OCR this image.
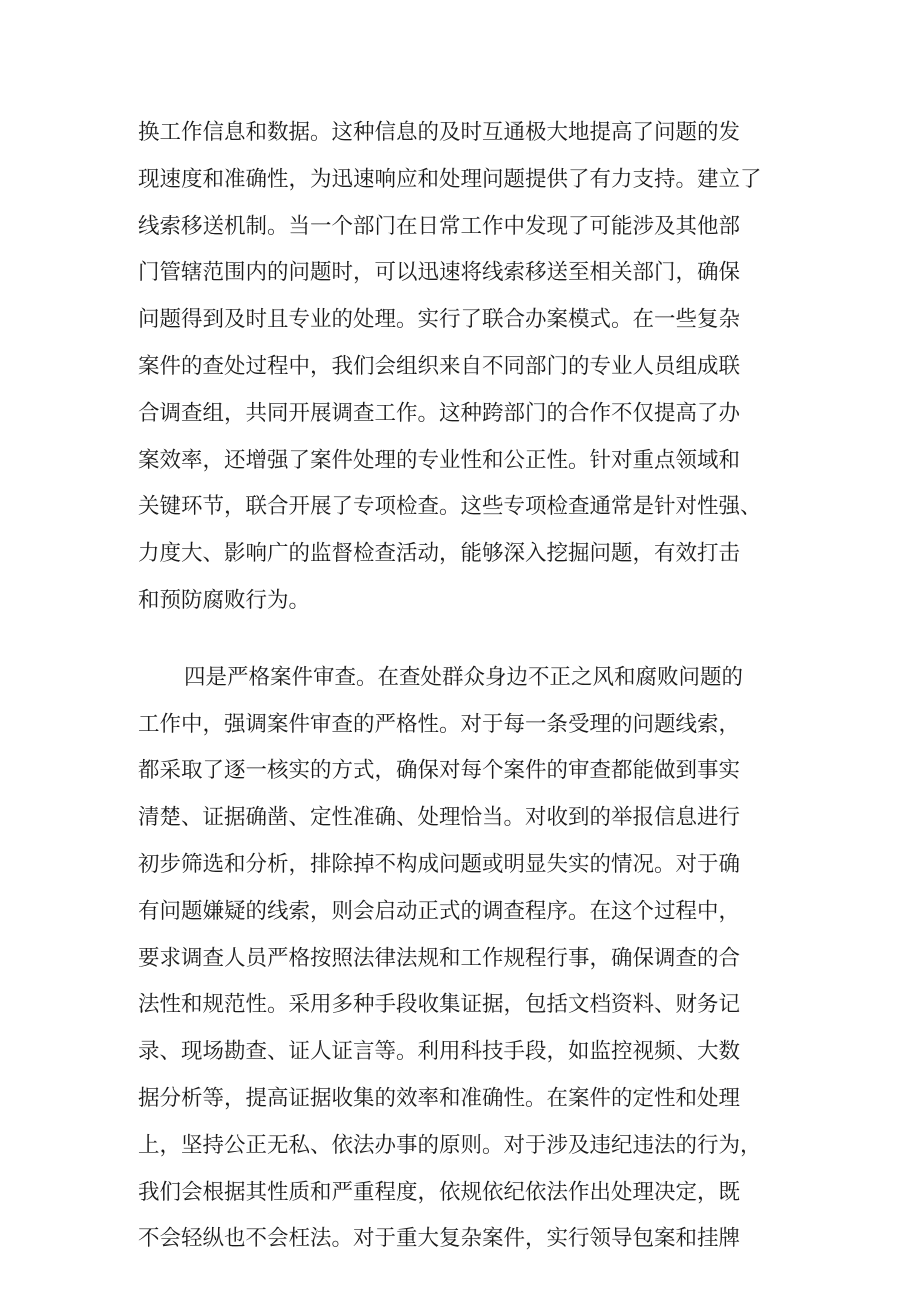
换工作信息和数据。这种信息的及时互通极大地提高了问题的发
现速度和准确性，为迅速响应和处理问题提供了有力支持。建立了
线索移送机制。当一个部门在日常工作中发现了可能涉及其他部
门管辖范围内的问题时，可以迅速将线索移送至相关部门，确保
问题得到及时且专业的处理。实行了联合办案模式。在一些复杂
案件的查处过程中，我们会组织来自不同部门的专业人员组成联
合调查组，共同开展调查工作。这种跨部门的合作不仅提高了办
案效率，还增强了案件处理的专业性和公正性。针对重点领域和
关键环节，联合开展了专项检查。这些专项检查通常是针对性强、
力度大、影响广的监督检查活动，能够深入挖掘问题，有效打击
和预防腐败行为。
四是严格案件审查。在查处群众身边不正之风和腐败问题的
工作中，强调案件审查的严格性。对于每一条受理的问题线索，
都采取了逐一核实的方式，确保对每个案件的审查都能做到事实
清楚、证据确凿、定性准确、处理恰当。对收到的举报信息进行
初步筛选和分析，排除掉不构成问题或明显失实的情况。对于确
有问题嫌疑的线索，则会启动正式的调查程序。在这个过程中，
要求调查人员严格按照法律法规和工作规程行事，确保调查的合
法性和规范性。采用多种手段收集证据，包括文档资料、财务记
录、现场勘查、证人证言等。利用科技手段，如监控视频、大数
据分析等，提高证据收集的效率和准确性。在案件的定性和处理
上，坚持公正无私、依法办事的原则。对于涉及违纪违法的行为，
我们会根据其性质和严重程度，依规依纪依法作出处理决定，既
不会轻纵也不会枉法。对于重大复杂案件，实行领导包案和挂牌
